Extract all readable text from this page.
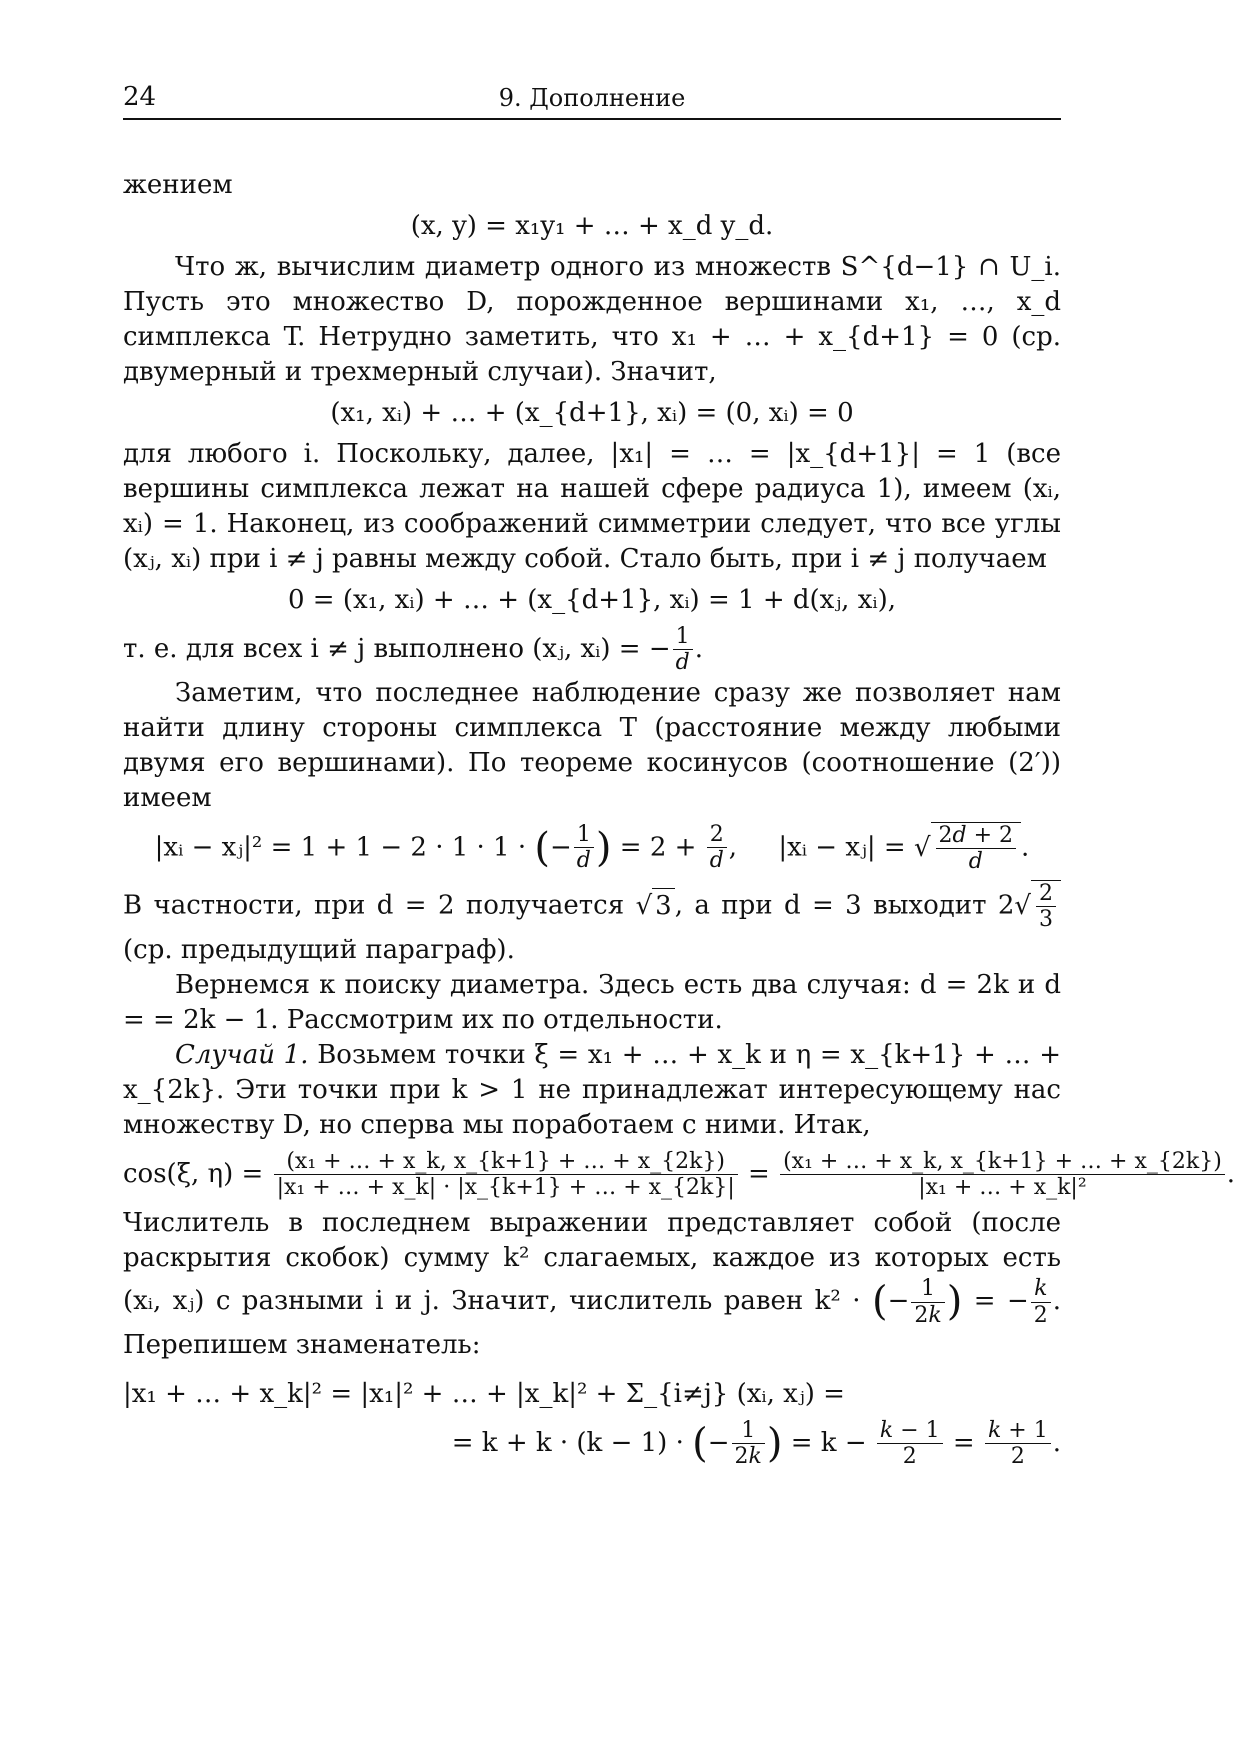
24	9. Дополнение

жением

(x, y) = x₁y₁ + … + x_d y_d.

Что ж, вычислим диаметр одного из множеств S^{d−1} ∩ U_i. Пусть это множество D, порожденное вершинами x₁, …, x_d симплекса T. Нетрудно заметить, что x₁ + … + x_{d+1} = 0 (ср. двумерный и трехмерный случаи). Значит,

(x₁, xᵢ) + … + (x_{d+1}, xᵢ) = (0, xᵢ) = 0

для любого i. Поскольку, далее, |x₁| = … = |x_{d+1}| = 1 (все вершины симплекса лежат на нашей сфере радиуса 1), имеем (xᵢ, xᵢ) = 1. Наконец, из соображений симметрии следует, что все углы (xⱼ, xᵢ) при i ≠ j равны между собой. Стало быть, при i ≠ j получаем

0 = (x₁, xᵢ) + … + (x_{d+1}, xᵢ) = 1 + d(xⱼ, xᵢ),

т. е. для всех i ≠ j выполнено (xⱼ, xᵢ) = − $\frac{1}{d}$ .

Заметим, что последнее наблюдение сразу же позволяет нам найти длину стороны симплекса T (расстояние между любыми двумя его вершинами). По теореме косинусов (соотношение (2′)) имеем

|xᵢ − xⱼ|² = 1 + 1 − 2 · 1 · 1 · (− $\frac{1}{d}$ ) = $2 + \frac{2}{d}$ ,     |xᵢ − xⱼ| = √ $\frac{2d + 2}{d}$ .

В частности, при d = 2 получается √ 3 , а при d = 3 выходит $2√ \frac{2}{3}$
(ср. предыдущий параграф).

Вернемся к поиску диаметра. Здесь есть два случая: d = 2k и d = = 2k − 1. Рассмотрим их по отдельности.

Случай 1. Возьмем точки ξ = x₁ + … + x_k и η = x_{k+1} + … + x_{2k}. Эти точки при k > 1 не принадлежат интересующему нас множеству D, но сперва мы поработаем с ними. Итак,

cos(ξ, $\eta) = \frac{\text{(x₁ + … + x\_k, x\_\{k+1\} + … + x\_\{2k\})}}{\text{|x₁ + … + x\_k| · |x\_\{k+1\} + … + x\_\{2k\}|}} = \frac{\text{(x₁ + … + x\_k, x\_\{k+1\} + … + x\_\{2k\})}}{\text{|x₁ + … + x\_k|²}}$ .

Числитель в последнем выражении представляет собой (после раскрытия скобок) сумму k² слагаемых, каждое из которых есть (xᵢ, xⱼ) с разными i и j. Значит, числитель равен k² · (− $\frac{1}{2k}$ ) = − $\frac{k}{2}$ . Перепишем знаменатель:

|x₁ + … + x_k|² = |x₁|² + … + |x_k|² + Σ_{i≠j} (xᵢ, xⱼ) =
= k + k · (k − 1) · (− $\frac{1}{2k}$ ) = $k - \frac{k - 1}{2} = \frac{k + 1}{2}$ .
